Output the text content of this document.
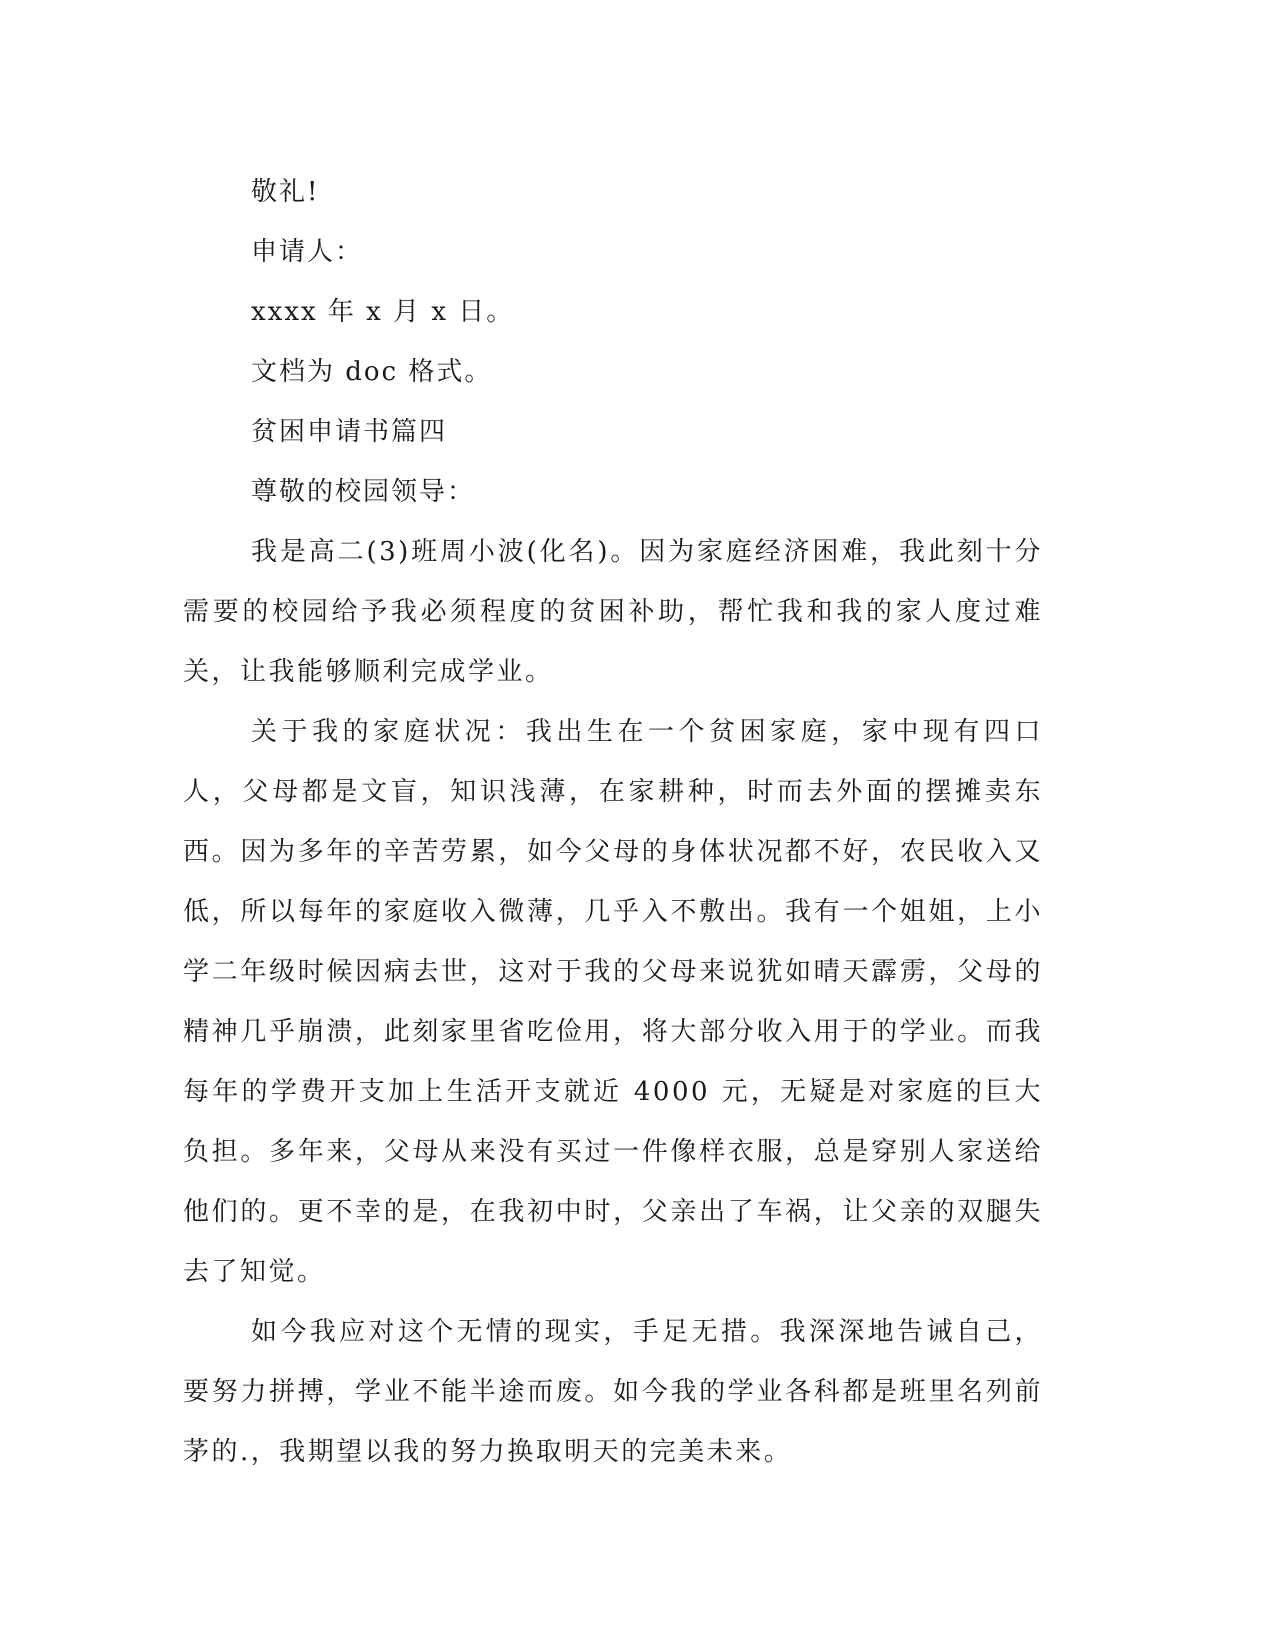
敬礼!
申请人：
xxxx 年 x 月 x 日。
文档为 doc 格式。
贫困申请书篇四
尊敬的校园领导：

我是高二(3)班周小波(化名)。因为家庭经济困难，我此刻十分需要的校园给予我必须程度的贫困补助，帮忙我和我的家人度过难关，让我能够顺利完成学业。

关于我的家庭状况：我出生在一个贫困家庭，家中现有四口人，父母都是文盲，知识浅薄，在家耕种，时而去外面的摆摊卖东西。因为多年的辛苦劳累，如今父母的身体状况都不好，农民收入又低，所以每年的家庭收入微薄，几乎入不敷出。我有一个姐姐，上小学二年级时候因病去世，这对于我的父母来说犹如晴天霹雳，父母的精神几乎崩溃，此刻家里省吃俭用，将大部分收入用于的学业。而我每年的学费开支加上生活开支就近 4000 元，无疑是对家庭的巨大负担。多年来，父母从来没有买过一件像样衣服，总是穿别人家送给他们的。更不幸的是，在我初中时，父亲出了车祸，让父亲的双腿失去了知觉。

如今我应对这个无情的现实，手足无措。我深深地告诫自己，要努力拼搏，学业不能半途而废。如今我的学业各科都是班里名列前茅的.，我期望以我的努力换取明天的完美未来。
